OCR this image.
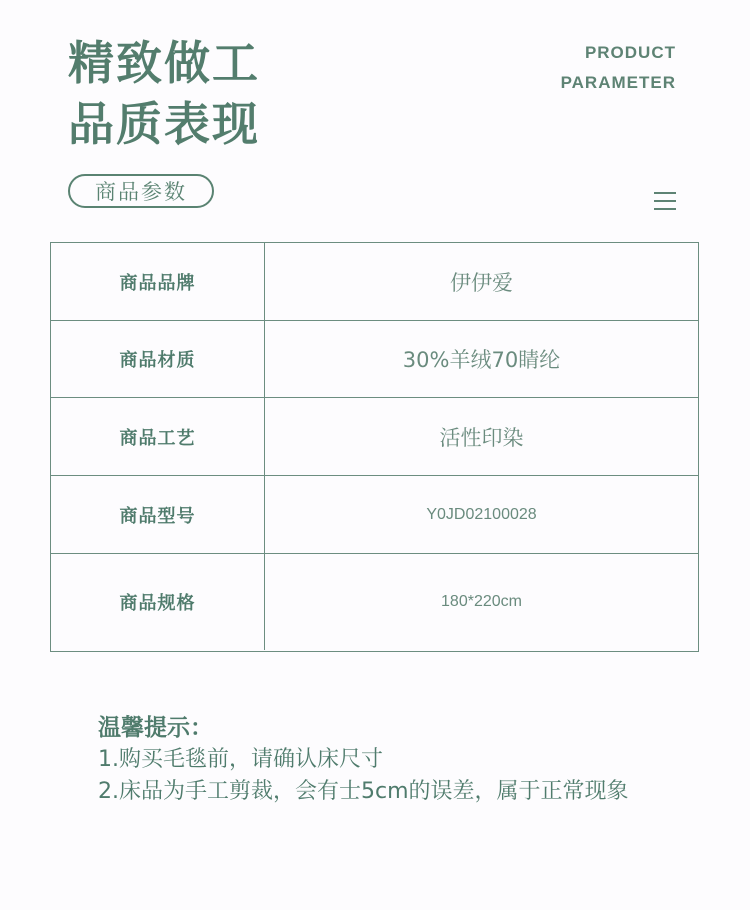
精致做工
品质表现
PRODUCT
PARAMETER
商品参数
商品品牌	伊伊爱
商品材质	30%羊绒70睛纶
商品工艺	活性印染
商品型号	Y0JD02100028
商品规格	180*220cm
温馨提示：
1.购买毛毯前，请确认床尺寸
2.床品为手工剪裁，会有士5cm的误差，属于正常现象
